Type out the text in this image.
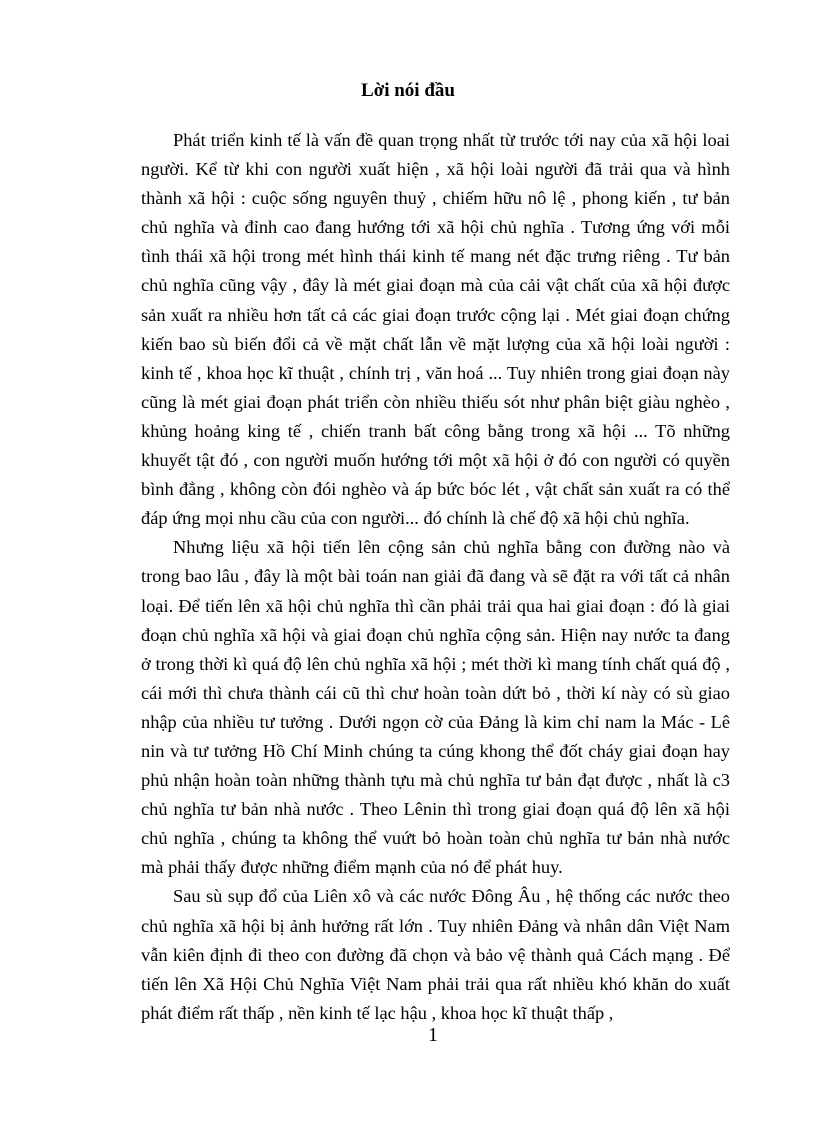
Lời nói đầu

Phát triển kinh tế là vấn đề quan trọng nhất từ trước tới nay của xã hội loai người. Kể từ khi con người xuất hiện , xã hội loài người đã trải qua và hình thành xã hội : cuộc sống nguyên thuỷ , chiếm hữu nô lệ , phong kiến , tư bản chủ nghĩa và đỉnh cao đang hướng tới xã hội chủ nghĩa . Tương ứng với mỗi tình thái xã hội trong mét hình thái kinh tế mang nét đặc trưng riêng . Tư bản chủ nghĩa cũng vậy , đây là mét giai đoạn mà của cải vật chất của xã hội được sản xuất ra nhiều hơn tất cả các giai đoạn trước cộng lại . Mét giai đoạn chứng kiến bao sù biến đổi cả về mặt chất lẫn về mặt lượng của xã hội loài người : kinh tế , khoa học kĩ thuật , chính trị , văn hoá ... Tuy nhiên trong giai đoạn này cũng là mét giai đoạn phát triển còn nhiều thiếu sót như phân biệt giàu nghèo , khủng hoảng king tế , chiến tranh bất công bằng trong xã hội ... Tõ những khuyết tật đó , con người muốn hướng tới một xã hội ở đó con người có quyền bình đẳng , không còn đói nghèo và áp bức bóc lét , vật chất sản xuất ra có thể đáp ứng mọi nhu cầu của con người... đó chính là chế độ xã hội chủ nghĩa.

Nhưng liệu xã hội tiến lên cộng sản chủ nghĩa bằng con đường nào và trong bao lâu , đây là một bài toán nan giải đã đang và sẽ đặt ra với tất cả nhân loại. Để tiến lên xã hội chủ nghĩa thì cần phải trải qua hai giai đoạn : đó là giai đoạn chủ nghĩa xã hội và giai đoạn chủ nghĩa cộng sản. Hiện nay nước ta đang ở trong thời kì quá độ lên chủ nghĩa xã hội ; mét thời kì mang tính chất quá độ , cái mới thì chưa thành cái cũ thì chư hoàn toàn dứt bỏ , thời kí này có sù giao nhập của nhiều tư tưởng . Dưới ngọn cờ của Đảng là kim chỉ nam la Mác - Lê nin và tư tưởng Hồ Chí Minh chúng ta cúng khong thể đốt cháy giai đoạn hay phủ nhận hoàn toàn những thành tựu mà chủ nghĩa tư bản đạt được , nhất là c3 chủ nghĩa tư bản nhà nước . Theo Lênin thì trong giai đoạn quá độ lên xã hội chủ nghĩa , chúng ta không thể vuứt bỏ hoàn toàn chủ nghĩa tư bản nhà nước mà phải thấy được những điểm mạnh của nó để phát huy.

Sau sù sụp đổ của Liên xô và các nước Đông Âu , hệ thống các nước theo chủ nghĩa xã hội bị ảnh hưởng rất lớn . Tuy nhiên Đảng và nhân dân Việt Nam vẫn kiên định đi theo con đường đã chọn và bảo vệ thành quả Cách mạng . Để tiến lên Xã Hội Chủ Nghĩa Việt Nam phải trải qua rất nhiều khó khăn do xuất phát điểm rất thấp , nền kinh tế lạc hậu , khoa học kĩ thuật thấp ,

1
